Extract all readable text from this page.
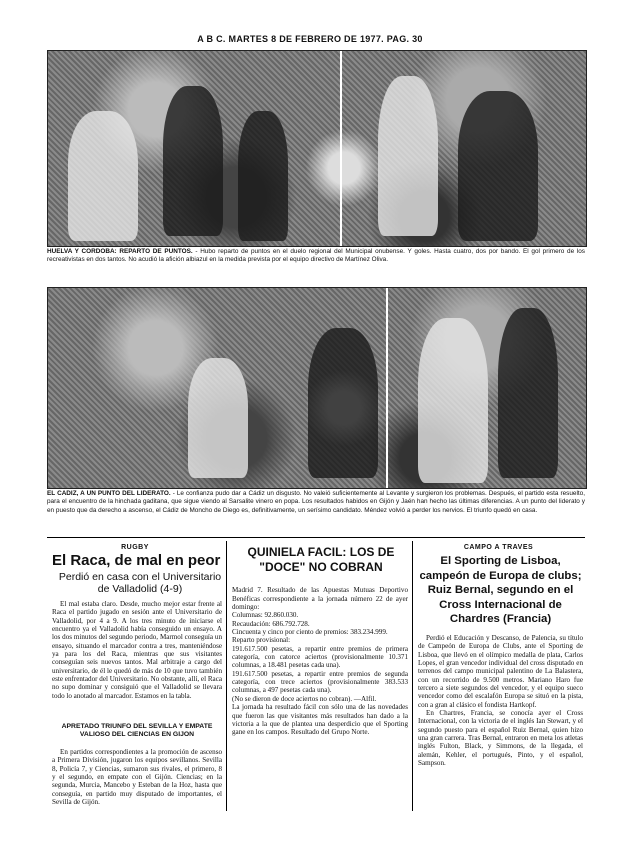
A B C. MARTES 8 DE FEBRERO DE 1977. PAG. 30
HUELVA Y CORDOBA: REPARTO DE PUNTOS. - Hubo reparto de puntos en el duelo regional del Municipal onubense. Y goles. Hasta cuatro, dos por bando. El gol primero de los recreativistas en dos tantos. No acudió la afición albiazul en la medida prevista por el equipo directivo de Martínez Oliva.
EL CADIZ, A UN PUNTO DEL LIDERATO. - Le confianza pudo dar a Cádiz un disgusto. No valeió suficientemente al Levante y surgieron los problemas. Después, el partido esta resuelto, para el encuentro de la hinchada gaditana, que sigue viendo al Sarsalite vinero en popa. Los resultados habidos en Gijón y Jaén han hecho las últimas diferencias. A un punto del liderato y en puesto que da derecho a ascenso, el Cádiz de Moncho de Diego es, definitivamente, un serísimo candidato. Méndez volvió a perder los nervios. El triunfo quedó en casa.
RUGBY
El Raca, de mal en peor
Perdió en casa con el Universitario de Valladolid (4-9)

El mal estaba claro. Desde, mucho mejor estar frente al Raca el partido jugado en sesión ante el Universitario de Valladolid, por 4 a 9. A los tres minuto de iniciarse el encuentro ya el Valladolid había conseguido un ensayo. A los dos minutos del segundo periodo, Marmol conseguía un ensayo, situando el marcador contra a tres, manteniéndose ya para los del Raca, mientras que sus visitantes conseguían seis nuevos tantos. Mal arbitraje a cargo del universitario, de él le quedó de más de 10 que tuvo también este enfrentador del Universitario. No obstante, allí, el Raca no supo dominar y consiguió que el Valladolid se llevara todo lo anotado al marcador. Estamos en la tabla.

APRETADO TRIUNFO DEL SEVILLA Y EMPATE VALIOSO DEL CIENCIAS EN GIJON

En partidos correspondientes a la promoción de ascenso a Primera División, jugaron los equipos sevillanos. Sevilla 8, Policía 7, y Ciencias, sumaron sus rivales, el primero, 8 y el segundo, en empate con el Gijón. Ciencias; en la segunda, Murcia, Mancebo y Esteban de la Hoz, hasta que conseguía, en partido muy disputado de importantes, el Sevilla de Gijón.

QUINIELA FACIL: LOS DE "DOCE" NO COBRAN

Madrid 7. Resultado de las Apuestas Mutuas Deportivo Benéficas correspondiente a la jornada número 22 de ayer domingo:
Columnas: 92.860.030.
Recaudación: 686.792.728.
Cincuenta y cinco por ciento de premios: 383.234.999.
Reparto provisional:
191.617.500 pesetas, a repartir entre premios de primera categoría, con catorce aciertos (provisionalmente 10.371 columnas, a 18.481 pesetas cada una).
191.617.500 pesetas, a repartir entre premios de segunda categoría, con trece aciertos (provisionalmente 383.533 columnas, a 497 pesetas cada una).
(No se dieron de doce aciertos no cobran). —Alfil.
La jornada ha resultado fácil con sólo una de las novedades que fueron las que visitantes más resultados han dado a la victoria a la que de plantea una desperdicio que el Sporting gane en los campos. Resultado del Grupo Norte.

CAMPO A TRAVES
El Sporting de Lisboa, campeón de Europa de clubs; Ruiz Bernal, segundo en el Cross Internacional de Chardres (Francia)

Perdió el Educación y Descanso, de Palencia, su título de Campeón de Europa de Clubs, ante el Sporting de Lisboa, que llevó en el olímpico medalla de plata, Carlos Lopes, el gran vencedor individual del cross disputado en terrenos del campo municipal palentino de La Balastera, con un recorrido de 9.500 metros. Mariano Haro fue tercero a siete segundos del vencedor, y el equipo sueco vencedor como del escalafón Europa se situó en la pista, con a gran al clásico el fondista Hartkopf.

En Chartres, Francia, se conocía ayer el Cross Internacional, con la victoria de el inglés Ian Stewart, y el segundo puesto para el español Ruiz Bernal, quien hizo una gran carrera. Tras Bernal, entraron en meta los atletas inglés Fulton, Black, y Simmons, de la llegada, el alemán, Kehler, el portugués, Pinto, y el español, Sampson.
